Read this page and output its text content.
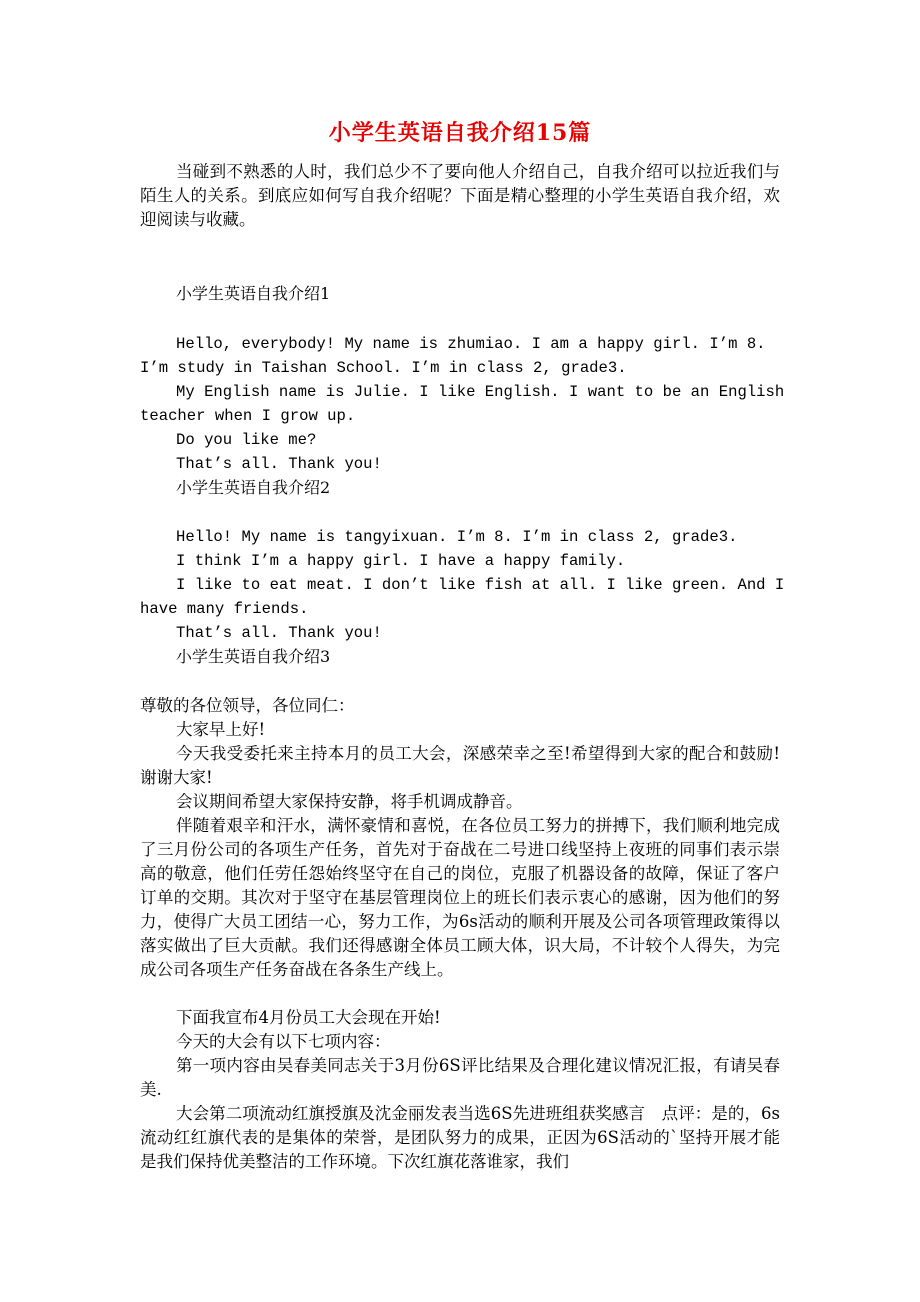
小学生英语自我介绍15篇
当碰到不熟悉的人时，我们总少不了要向他人介绍自己，自我介绍可以拉近我们与陌生人的关系。到底应如何写自我介绍呢？下面是精心整理的小学生英语自我介绍，欢迎阅读与收藏。
小学生英语自我介绍1
Hello, everybody! My name is zhumiao. I am a happy girl. I’m 8. I’m study in Taishan School. I’m in class 2, grade3.
My English name is Julie. I like English. I want to be an English teacher when I grow up.
Do you like me?
That’s all. Thank you!
小学生英语自我介绍2
Hello! My name is tangyixuan. I’m 8. I’m in class 2, grade3.
I think I’m a happy girl. I have a happy family.
I like to eat meat. I don’t like fish at all. I like green. And I have many friends.
That’s all. Thank you!
小学生英语自我介绍3
尊敬的各位领导，各位同仁：
大家早上好!
今天我受委托来主持本月的员工大会，深感荣幸之至!希望得到大家的配合和鼓励!谢谢大家!
会议期间希望大家保持安静，将手机调成静音。
伴随着艰辛和汗水，满怀豪情和喜悦，在各位员工努力的拼搏下，我们顺利地完成了三月份公司的各项生产任务，首先对于奋战在二号进口线坚持上夜班的同事们表示崇高的敬意，他们任劳任怨始终坚守在自己的岗位，克服了机器设备的故障，保证了客户订单的交期。其次对于坚守在基层管理岗位上的班长们表示衷心的感谢，因为他们的努力，使得广大员工团结一心，努力工作，为6s活动的顺利开展及公司各项管理政策得以落实做出了巨大贡献。我们还得感谢全体员工顾大体，识大局，不计较个人得失，为完成公司各项生产任务奋战在各条生产线上。
下面我宣布4月份员工大会现在开始!
今天的大会有以下七项内容：
第一项内容由吴春美同志关于3月份6S评比结果及合理化建议情况汇报，有请吴春美.
大会第二项流动红旗授旗及沈金丽发表当选6S先进班组获奖感言　点评：是的，6s流动红红旗代表的是集体的荣誉，是团队努力的成果，正因为6S活动的`坚持开展才能是我们保持优美整洁的工作环境。下次红旗花落谁家，我们
